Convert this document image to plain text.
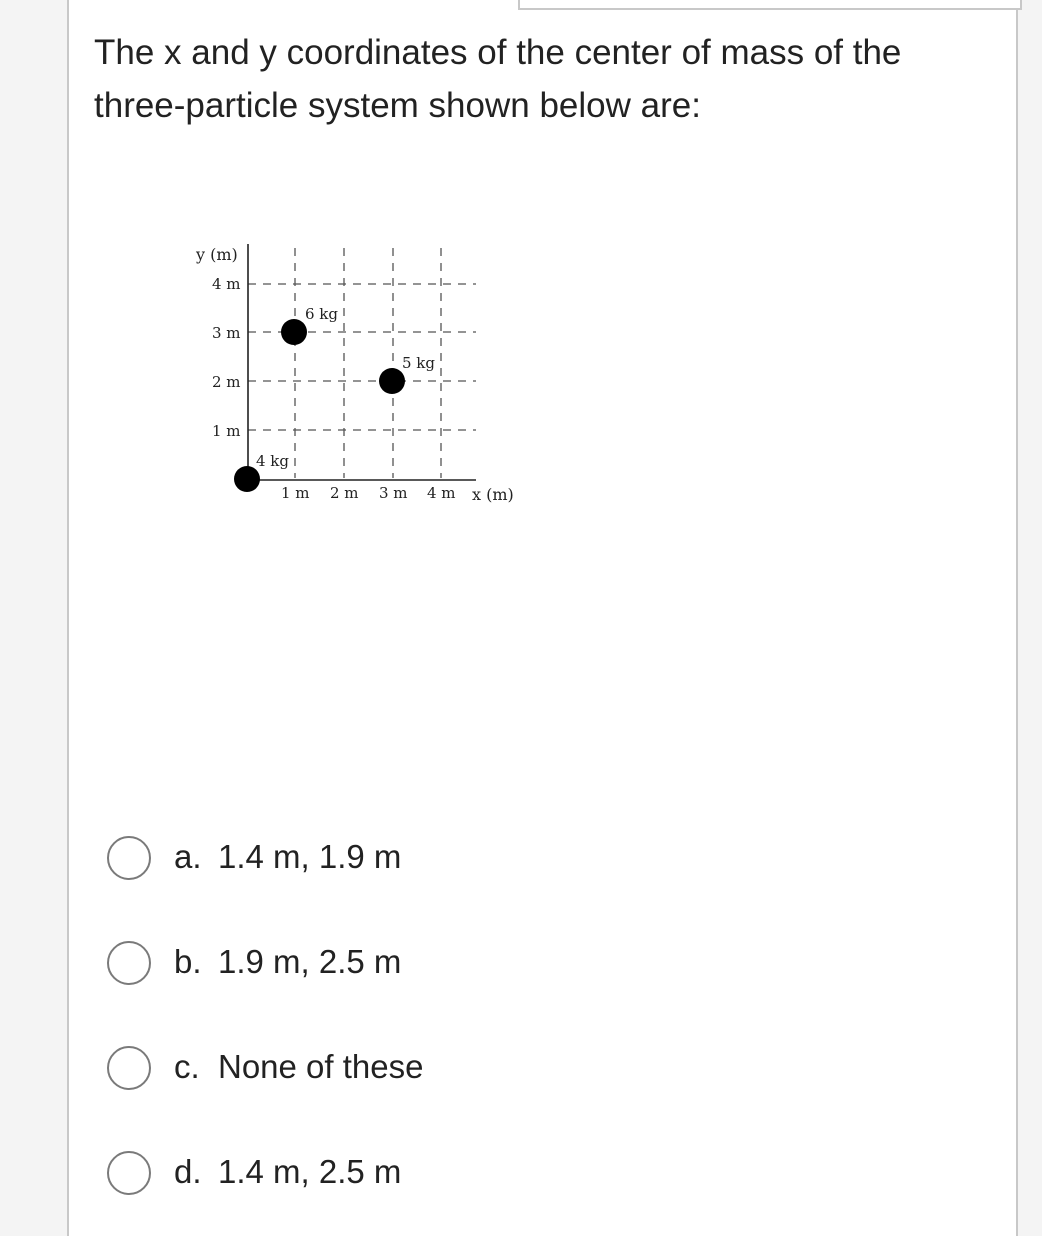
The x and y coordinates of the center of mass of the three-particle system shown below are:
y (m)
x (m)
4 m
3 m
2 m
1 m
1 m 2 m 3 m 4 m
4 kg
6 kg
5 kg
a. 1.4 m, 1.9 m
b. 1.9 m, 2.5 m
c. None of these
d. 1.4 m, 2.5 m
